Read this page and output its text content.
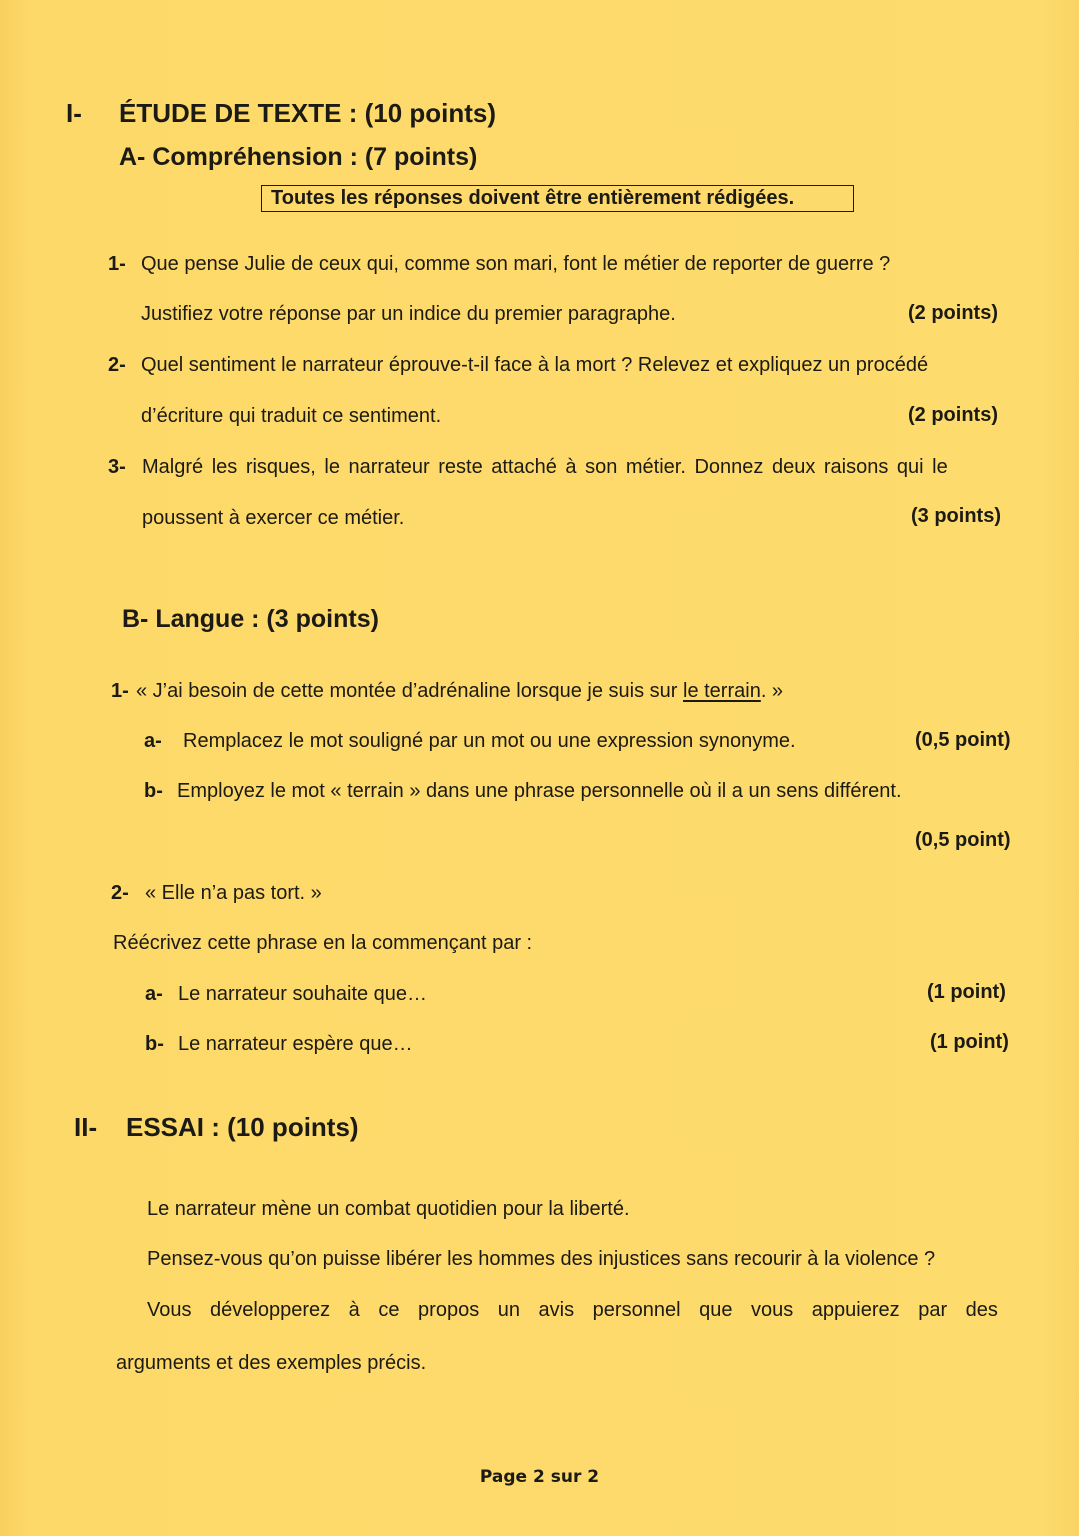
I- ÉTUDE DE TEXTE : (10 points)
A- Compréhension : (7 points)
Toutes les réponses doivent être entièrement rédigées.
1- Que pense Julie de ceux qui, comme son mari, font le métier de reporter de guerre ?
Justifiez votre réponse par un indice du premier paragraphe.	(2 points)
2- Quel sentiment le narrateur éprouve-t-il face à la mort ? Relevez et expliquez un procédé
d’écriture qui traduit ce sentiment.	(2 points)
3- Malgré les risques, le narrateur reste attaché à son métier. Donnez deux raisons qui le
poussent à exercer ce métier.	(3 points)
B- Langue : (3 points)
1- « J’ai besoin de cette montée d’adrénaline lorsque je suis sur le terrain. »
a- Remplacez le mot souligné par un mot ou une expression synonyme.	(0,5 point)
b- Employez le mot « terrain » dans une phrase personnelle où il a un sens différent.
(0,5 point)
2- « Elle n’a pas tort. »
Réécrivez cette phrase en la commençant par :
a- Le narrateur souhaite que…	(1 point)
b- Le narrateur espère que…	(1 point)
II- ESSAI : (10 points)
Le narrateur mène un combat quotidien pour la liberté.
Pensez-vous qu’on puisse libérer les hommes des injustices sans recourir à la violence ?
Vous développerez à ce propos un avis personnel que vous appuierez par des
arguments et des exemples précis.
Page 2 sur 2
